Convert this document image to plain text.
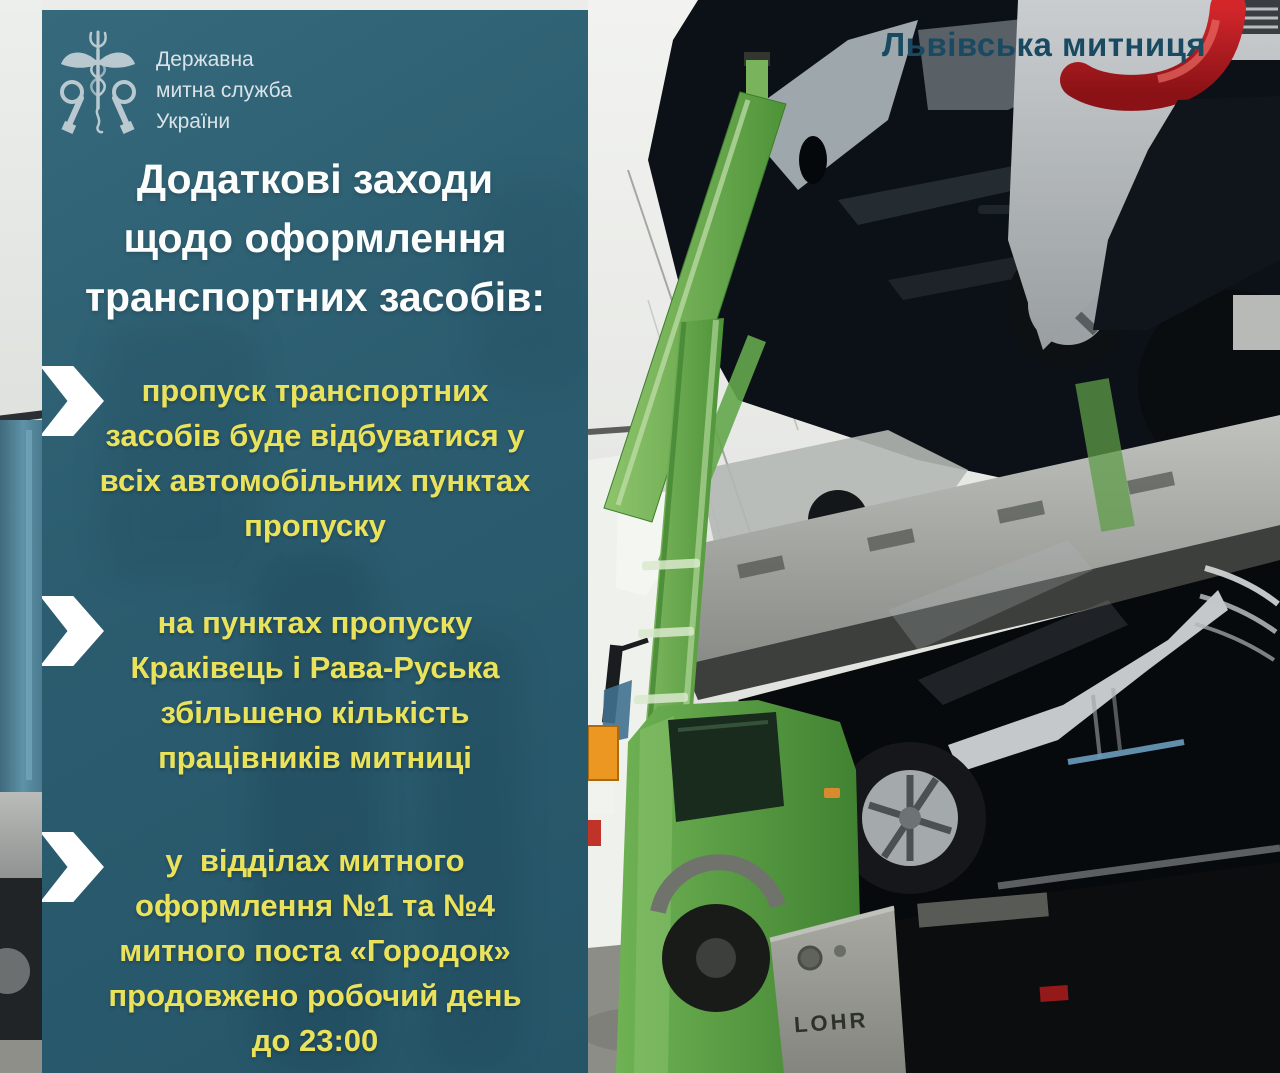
LOHR
Львівська митниця
Державна
митна служба
України
Додаткові заходи
щодо оформлення
транспортних засобів:
пропуск транспортних
засобів буде відбуватися у
всіх автомобільних пунктах
пропуску
на пунктах пропуску
Краківець і Рава-Руська
збільшено кількість
працівників митниці
у  відділах митного
оформлення №1 та №4
митного поста «Городок»
продовжено робочий день
до 23:00
